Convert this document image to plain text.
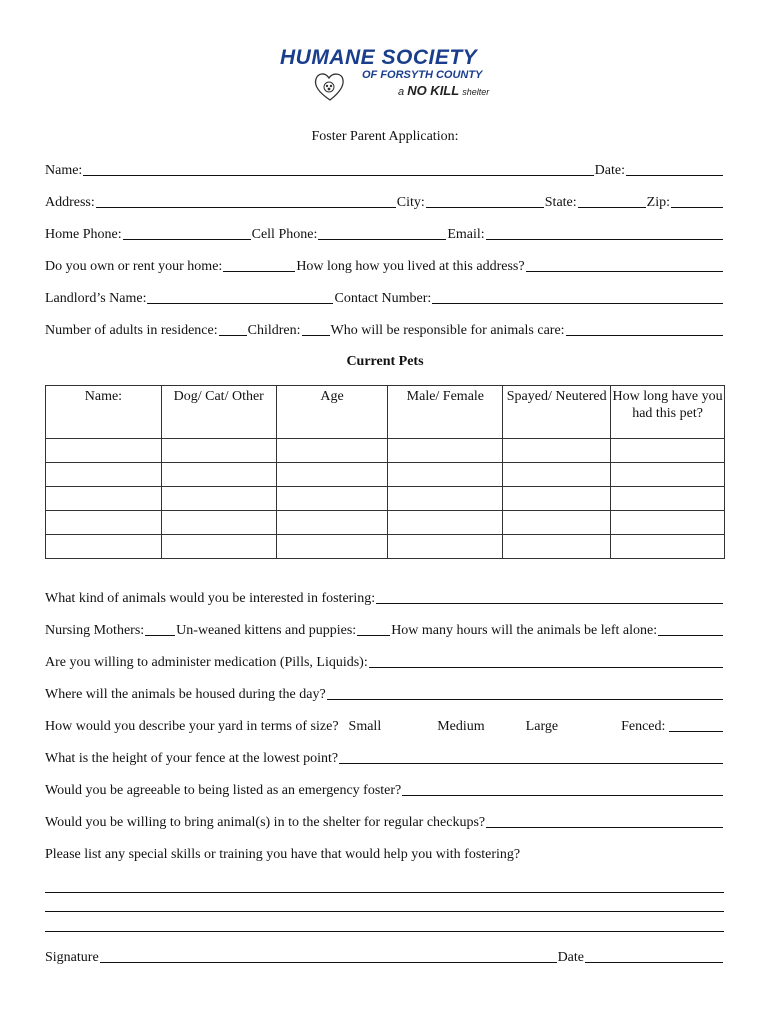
HUMANE SOCIETY
OF FORSYTH COUNTY
a NO KILL shelter
Foster Parent Application:
Name:	Date:
Address:	City:	State:	Zip:
Home Phone:	Cell Phone:	Email:
Do you own or rent your home:	How long how you lived at this address?
Landlord’s Name:	Contact Number:
Number of adults in residence: Children: Who will be responsible for animals care:
Current Pets
Name:	Dog/ Cat/ Other	Age	Male/ Female	Spayed/ Neutered	How long have you had this pet?

What kind of animals would you be interested in fostering:
Nursing Mothers: Un-weaned kittens and puppies:	How many hours will the animals be left alone:
Are you willing to administer medication (Pills, Liquids):
Where will the animals be housed during the day?
How would you describe your yard in terms of size? Small	Medium	Large	Fenced:
What is the height of your fence at the lowest point?
Would you be agreeable to being listed as an emergency foster?
Would you be willing to bring animal(s) in to the shelter for regular checkups?
Please list any special skills or training you have that would help you with fostering?
Signature	Date
